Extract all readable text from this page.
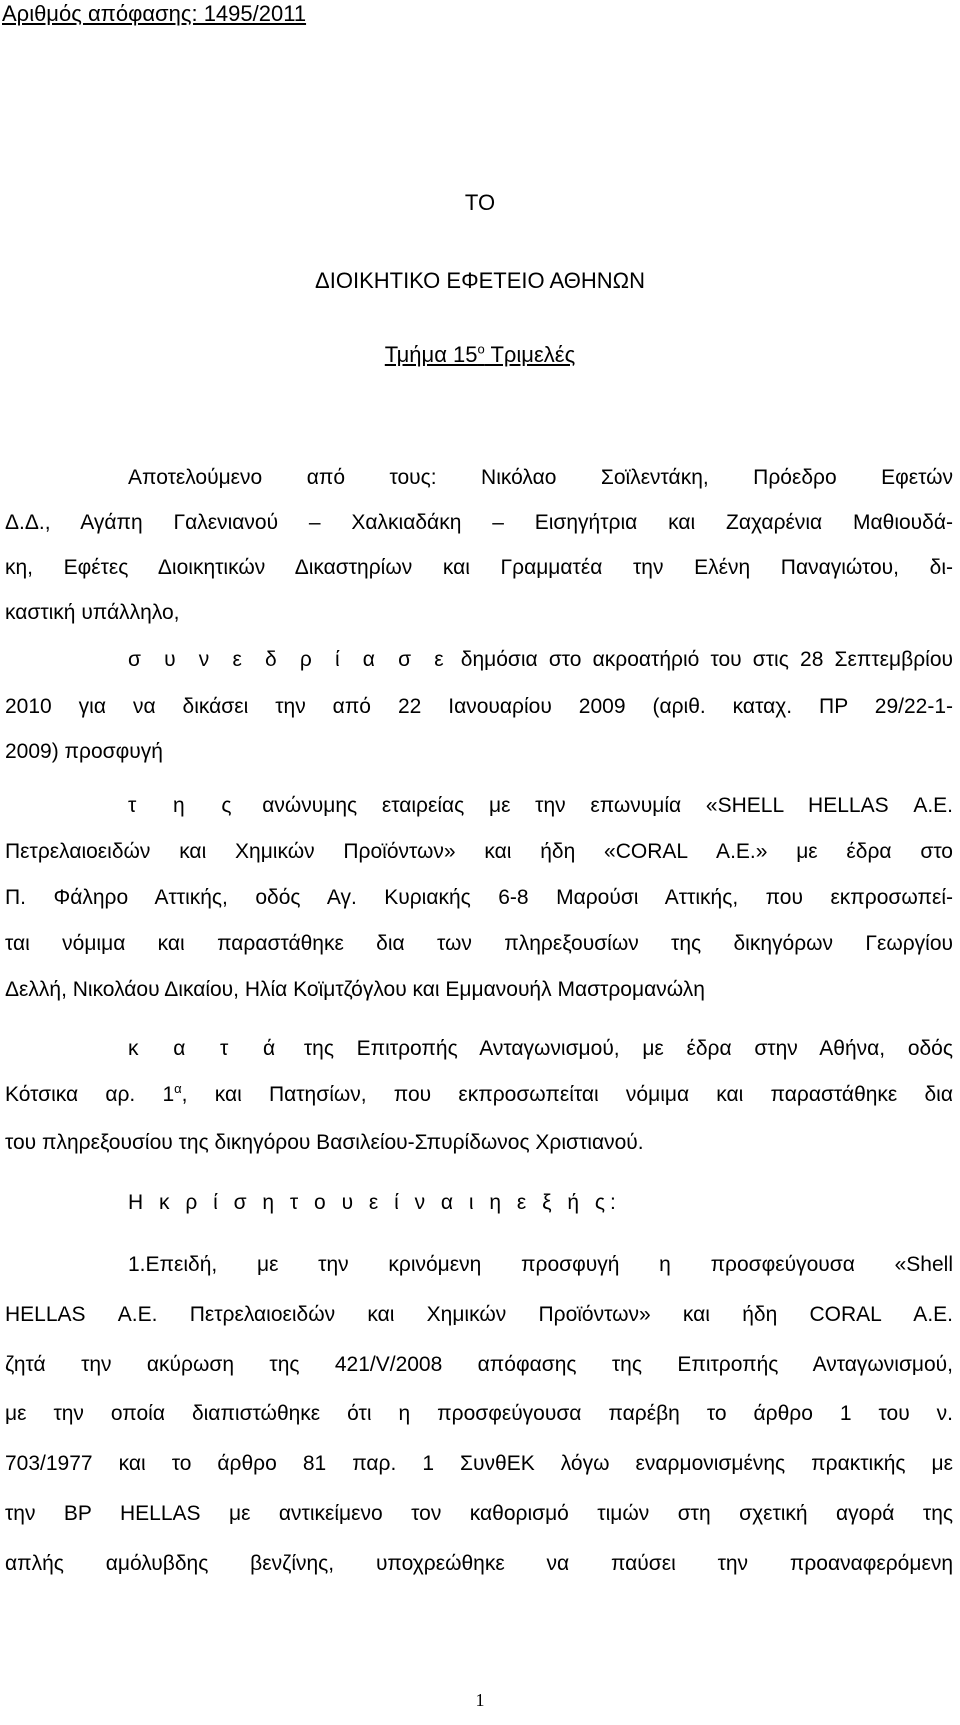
Αριθμός απόφασης: 1495/2011
ΤΟ
ΔΙΟΙΚΗΤΙΚΟ ΕΦΕΤΕΙΟ ΑΘΗΝΩΝ
Τμήμα $15^o$ Τριμελές
Αποτελούμενο από τους: Νικόλαο Σοϊλεντάκη, Πρόεδρο Εφετών
Δ.Δ., Αγάπη Γαλενιανού – Χαλκιαδάκη – Εισηγήτρια και Ζαχαρένια Μαθιουδά-
κη, Εφέτες Διοικητικών Δικαστηρίων και Γραμματέα την Ελένη Παναγιώτου, δι-
καστική υπάλληλο,
σ υ ν ε δ ρ ί α σ ε δημόσια στο ακροατήριό του στις 28 Σεπτεμβρίου
2010 για να δικάσει την από 22 Ιανουαρίου 2009 (αριθ. καταχ. ΠΡ 29/22-1-
2009) προσφυγή
τ η ς ανώνυμης εταιρείας με την επωνυμία «SHELL HELLAS Α.Ε.
Πετρελαιοειδών και Χημικών Προϊόντων» και ήδη «CORAL Α.Ε.» με έδρα στο
Π. Φάληρο Αττικής, οδός Αγ. Κυριακής 6-8 Μαρούσι Αττικής, που εκπροσωπεί-
ται νόμιμα και παραστάθηκε δια των πληρεξουσίων της δικηγόρων Γεωργίου
Δελλή, Νικολάου Δικαίου, Ηλία Κοϊμτζόγλου και Εμμανουήλ Μαστρομανώλη
κ α τ ά της Επιτροπής Ανταγωνισμού, με έδρα στην Αθήνα, οδός
Κότσικα αρ. $1^\alpha$, και Πατησίων, που εκπροσωπείται νόμιμα και παραστάθηκε δια
του πληρεξουσίου της δικηγόρου Βασιλείου-Σπυρίδωνος Χριστιανού.
Η κ ρ ί σ η τ ο υ ε ί ν α ι η ε ξ ή ς:
1.Επειδή, με την κρινόμενη προσφυγή η προσφεύγουσα «Shell
HELLAS Α.Ε. Πετρελαιοειδών και Χημικών Προϊόντων» και ήδη CORAL Α.Ε.
ζητά την ακύρωση της 421/V/2008 απόφασης της Επιτροπής Ανταγωνισμού,
με την οποία διαπιστώθηκε ότι η προσφεύγουσα παρέβη το άρθρο 1 του ν.
703/1977 και το άρθρο 81 παρ. 1 ΣυνθΕΚ λόγω εναρμονισμένης πρακτικής με
την BP HELLAS με αντικείμενο τον καθορισμό τιμών στη σχετική αγορά της
απλής αμόλυβδης βενζίνης, υποχρεώθηκε να παύσει την προαναφερόμενη
1
